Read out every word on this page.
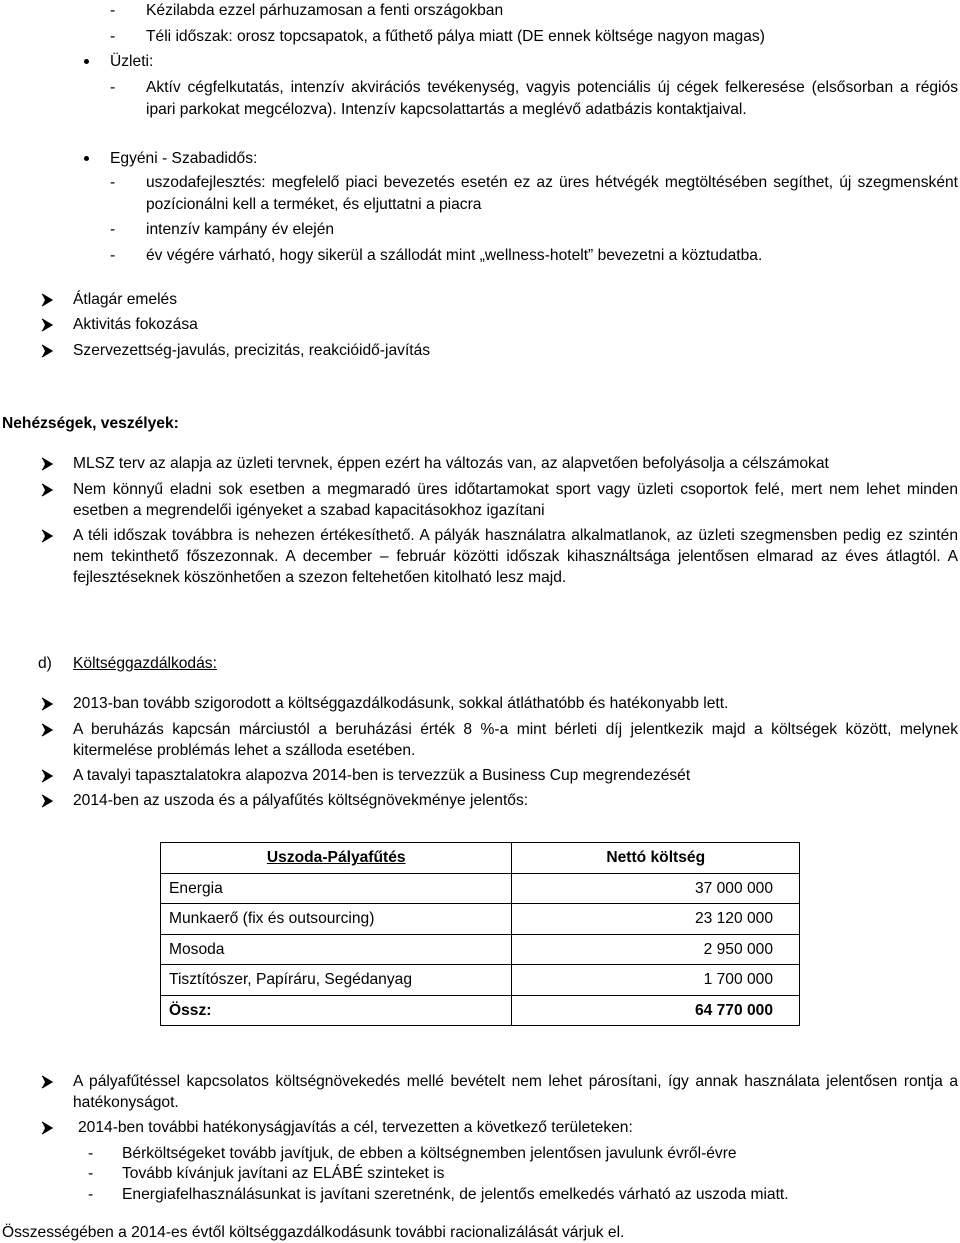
- Kézilabda ezzel párhuzamosan a fenti országokban

- Téli időszak: orosz topcsapatok, a fűthető pálya miatt (DE ennek költsége nagyon magas)

Üzleti:

- Aktív cégfelkutatás, intenzív akvirációs tevékenység, vagyis potenciális új cégek felkeresése (elsősorban a régiós ipari parkokat megcélozva). Intenzív kapcsolattartás a meglévő adatbázis kontaktjaival.

Egyéni - Szabadidős:

- uszodafejlesztés: megfelelő piaci bevezetés esetén ez az üres hétvégék megtöltésében segíthet, új szegmensként pozícionálni kell a terméket, és eljuttatni a piacra

- intenzív kampány év elején

- év végére várható, hogy sikerül a szállodát mint „wellness-hotelt” bevezetni a köztudatba.

Átlagár emelés

Aktivitás fokozása

Szervezettség-javulás, precizitás, reakcióidő-javítás

Nehézségek, veszélyek:

MLSZ terv az alapja az üzleti tervnek, éppen ezért ha változás van, az alapvetően befolyásolja a célszámokat

Nem könnyű eladni sok esetben a megmaradó üres időtartamokat sport vagy üzleti csoportok felé, mert nem lehet minden esetben a megrendelői igényeket a szabad kapacitásokhoz igazítani

A téli időszak továbbra is nehezen értékesíthető. A pályák használatra alkalmatlanok, az üzleti szegmensben pedig ez szintén nem tekinthető főszezonnak. A december – február közötti időszak kihasználtsága jelentősen elmarad az éves átlagtól. A fejlesztéseknek köszönhetően a szezon feltehetően kitolható lesz majd.

d) Költséggazdálkodás:

2013-ban tovább szigorodott a költséggazdálkodásunk, sokkal átláthatóbb és hatékonyabb lett.

A beruházás kapcsán márciustól a beruházási érték 8 %-a mint bérleti díj jelentkezik majd a költségek között, melynek kitermelése problémás lehet a szálloda esetében.

A tavalyi tapasztalatokra alapozva 2014-ben is tervezzük a Business Cup megrendezését

2014-ben az uszoda és a pályafűtés költségnövekménye jelentős:

Uszoda-Pályafűtés	Nettó költség
Energia	37 000 000
Munkaerő (fix és outsourcing)	23 120 000
Mosoda	2 950 000
Tisztítószer, Papíráru, Segédanyag	1 700 000
Össz:	64 770 000

A pályafűtéssel kapcsolatos költségnövekedés mellé bevételt nem lehet párosítani, így annak használata jelentősen rontja a hatékonyságot.

2014-ben további hatékonyságjavítás a cél, tervezetten a következő területeken:

- Bérköltségeket tovább javítjuk, de ebben a költségnemben jelentősen javulunk évről-évre

- Tovább kívánjuk javítani az ELÁBÉ szinteket is

- Energiafelhasználásunkat is javítani szeretnénk, de jelentős emelkedés várható az uszoda miatt.

Összességében a 2014-es évtől költséggazdálkodásunk további racionalizálását várjuk el.
